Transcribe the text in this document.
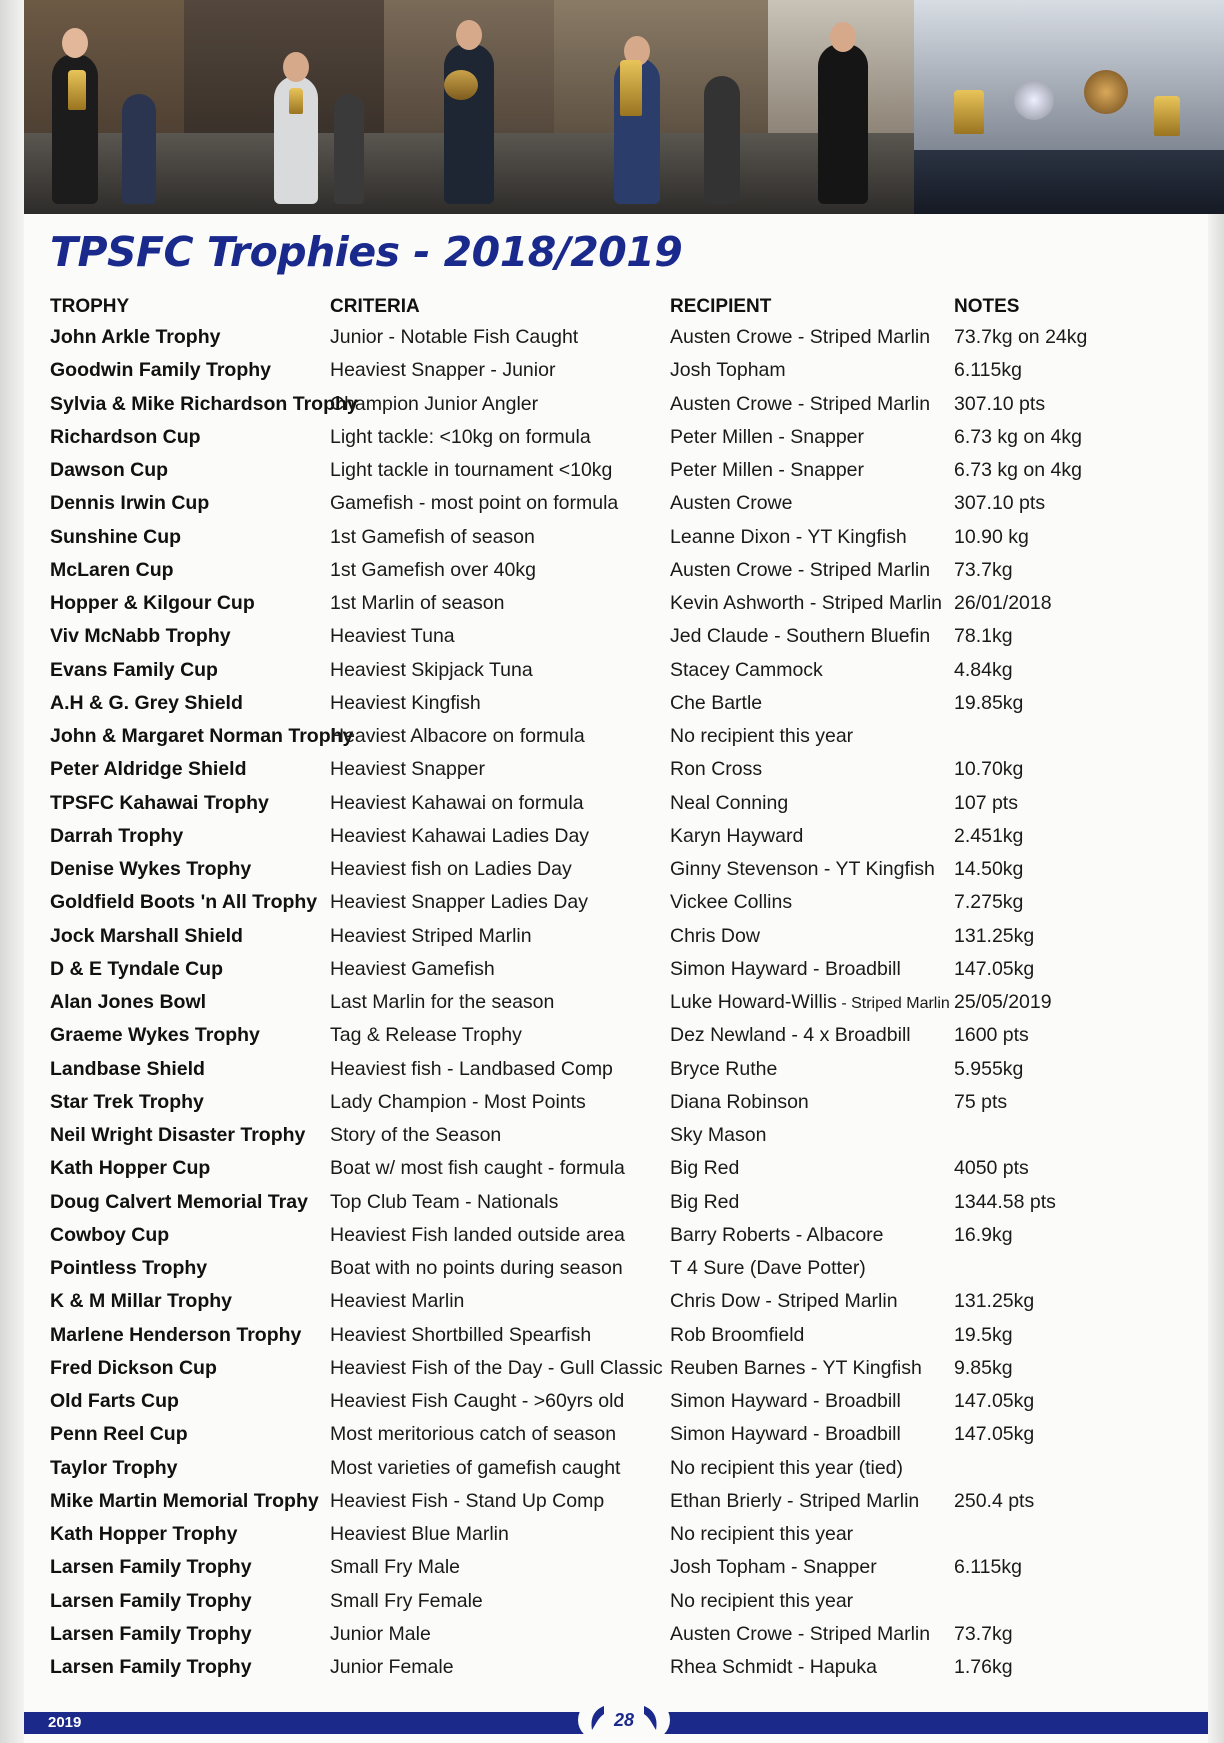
TPSFC Trophies - 2018/2019
TROPHY	CRITERIA	RECIPIENT	NOTES
John Arkle Trophy	Junior - Notable Fish Caught	Austen Crowe - Striped Marlin	73.7kg on 24kg
Goodwin Family Trophy	Heaviest Snapper - Junior	Josh Topham	6.115kg
Sylvia & Mike Richardson Trophy	Champion Junior Angler	Austen Crowe - Striped Marlin	307.10 pts
Richardson Cup	Light tackle: <10kg on formula	Peter Millen - Snapper	6.73 kg on 4kg
Dawson Cup	Light tackle in tournament <10kg	Peter Millen - Snapper	6.73 kg on 4kg
Dennis Irwin Cup	Gamefish - most point on formula	Austen Crowe	307.10 pts
Sunshine Cup	1st Gamefish of season	Leanne Dixon - YT Kingfish	10.90 kg
McLaren Cup	1st Gamefish over 40kg	Austen Crowe - Striped Marlin	73.7kg
Hopper & Kilgour Cup	1st Marlin of season	Kevin Ashworth - Striped Marlin	26/01/2018
Viv McNabb Trophy	Heaviest Tuna	Jed Claude - Southern Bluefin	78.1kg
Evans Family Cup	Heaviest Skipjack Tuna	Stacey Cammock	4.84kg
A.H & G. Grey Shield	Heaviest Kingfish	Che Bartle	19.85kg
John & Margaret Norman Trophy	Heaviest Albacore on formula	No recipient this year	
Peter Aldridge Shield	Heaviest Snapper	Ron Cross	10.70kg
TPSFC Kahawai Trophy	Heaviest Kahawai on formula	Neal Conning	107 pts
Darrah Trophy	Heaviest Kahawai Ladies Day	Karyn Hayward	2.451kg
Denise Wykes Trophy	Heaviest fish on Ladies Day	Ginny Stevenson - YT Kingfish	14.50kg
Goldfield Boots 'n All Trophy	Heaviest Snapper Ladies Day	Vickee Collins	7.275kg
Jock Marshall Shield	Heaviest Striped Marlin	Chris Dow	131.25kg
D & E Tyndale Cup	Heaviest Gamefish	Simon Hayward - Broadbill	147.05kg
Alan Jones Bowl	Last Marlin for the season	Luke Howard-Willis - Striped Marlin	25/05/2019
Graeme Wykes Trophy	Tag & Release Trophy	Dez Newland - 4 x Broadbill	1600 pts
Landbase Shield	Heaviest fish - Landbased Comp	Bryce Ruthe	5.955kg
Star Trek Trophy	Lady Champion - Most Points	Diana Robinson	75 pts
Neil Wright Disaster Trophy	Story of the Season	Sky Mason	
Kath Hopper Cup	Boat w/ most fish caught - formula	Big Red	4050 pts
Doug Calvert Memorial Tray	Top Club Team - Nationals	Big Red	1344.58 pts
Cowboy Cup	Heaviest Fish landed outside area	Barry Roberts - Albacore	16.9kg
Pointless Trophy	Boat with no points during season	T 4 Sure (Dave Potter)	
K & M Millar Trophy	Heaviest Marlin	Chris Dow - Striped Marlin	131.25kg
Marlene Henderson Trophy	Heaviest Shortbilled Spearfish	Rob Broomfield	19.5kg
Fred Dickson Cup	Heaviest Fish of the Day - Gull Classic	Reuben Barnes - YT Kingfish	9.85kg
Old Farts Cup	Heaviest Fish Caught - >60yrs old	Simon Hayward - Broadbill	147.05kg
Penn Reel Cup	Most meritorious catch of season	Simon Hayward - Broadbill	147.05kg
Taylor Trophy	Most varieties of gamefish caught	No recipient this year (tied)	
Mike Martin Memorial Trophy	Heaviest Fish - Stand Up Comp	Ethan Brierly - Striped Marlin	250.4 pts
Kath Hopper Trophy	Heaviest Blue Marlin	No recipient this year	
Larsen Family Trophy	Small Fry Male	Josh Topham - Snapper	6.115kg
Larsen Family Trophy	Small Fry Female	No recipient this year	
Larsen Family Trophy	Junior Male	Austen Crowe - Striped Marlin	73.7kg
Larsen Family Trophy	Junior Female	Rhea Schmidt - Hapuka	1.76kg
2019	28
